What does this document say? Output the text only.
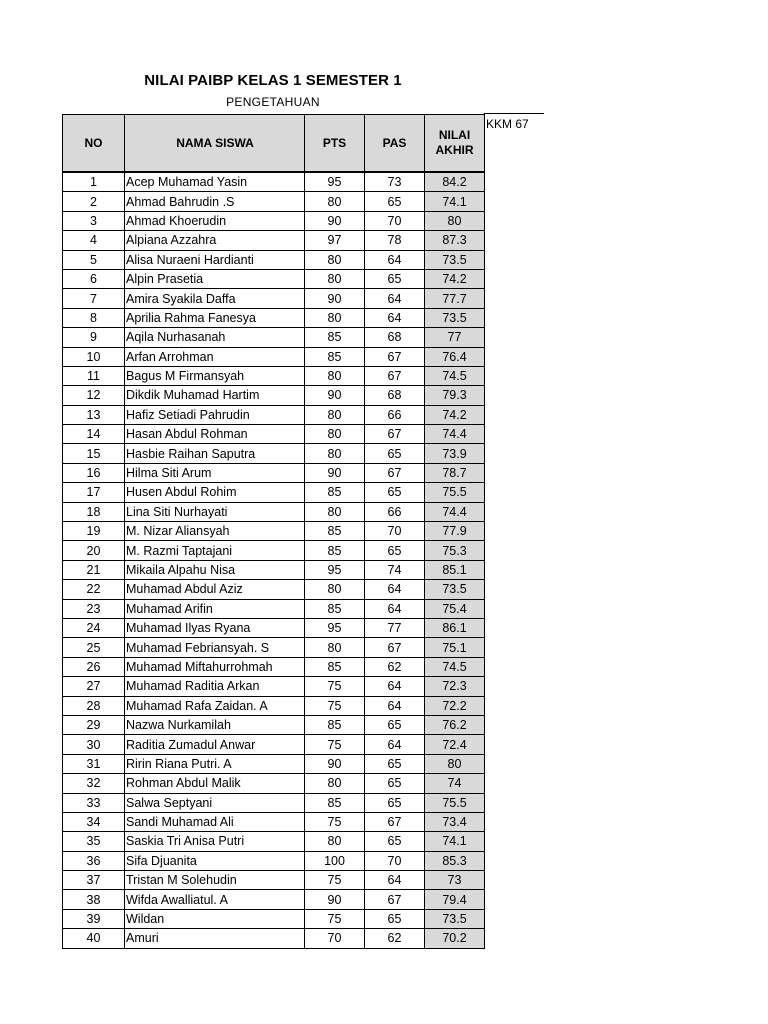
NILAI PAIBP KELAS 1 SEMESTER 1
PENGETAHUAN
KKM 67
NO	NAMA SISWA	PTS	PAS	NILAI
AKHIR

1	Acep Muhamad Yasin	95	73	84.2
2	Ahmad Bahrudin .S	80	65	74.1
3	Ahmad Khoerudin	90	70	80
4	Alpiana Azzahra	97	78	87.3
5	Alisa Nuraeni Hardianti	80	64	73.5
6	Alpin Prasetia	80	65	74.2
7	Amira Syakila Daffa	90	64	77.7
8	Aprilia Rahma Fanesya	80	64	73.5
9	Aqila Nurhasanah	85	68	77
10	Arfan Arrohman	85	67	76.4
11	Bagus M Firmansyah	80	67	74.5
12	Dikdik Muhamad Hartim	90	68	79.3
13	Hafiz Setiadi Pahrudin	80	66	74.2
14	Hasan Abdul Rohman	80	67	74.4
15	Hasbie Raihan Saputra	80	65	73.9
16	Hilma Siti Arum	90	67	78.7
17	Husen Abdul Rohim	85	65	75.5
18	Lina Siti Nurhayati	80	66	74.4
19	M. Nizar Aliansyah	85	70	77.9
20	M. Razmi Taptajani	85	65	75.3
21	Mikaila Alpahu Nisa	95	74	85.1
22	Muhamad Abdul Aziz	80	64	73.5
23	Muhamad Arifin	85	64	75.4
24	Muhamad Ilyas Ryana	95	77	86.1
25	Muhamad Febriansyah. S	80	67	75.1
26	Muhamad Miftahurrohmah	85	62	74.5
27	Muhamad Raditia Arkan	75	64	72.3
28	Muhamad Rafa Zaidan. A	75	64	72.2
29	Nazwa Nurkamilah	85	65	76.2
30	Raditia Zumadul Anwar	75	64	72.4
31	Ririn Riana Putri. A	90	65	80
32	Rohman Abdul Malik	80	65	74
33	Salwa Septyani	85	65	75.5
34	Sandi Muhamad Ali	75	67	73.4
35	Saskia Tri Anisa Putri	80	65	74.1
36	Sifa Djuanita	100	70	85.3
37	Tristan M Solehudin	75	64	73
38	Wifda Awalliatul. A	90	67	79.4
39	Wildan	75	65	73.5
40	Amuri	70	62	70.2
